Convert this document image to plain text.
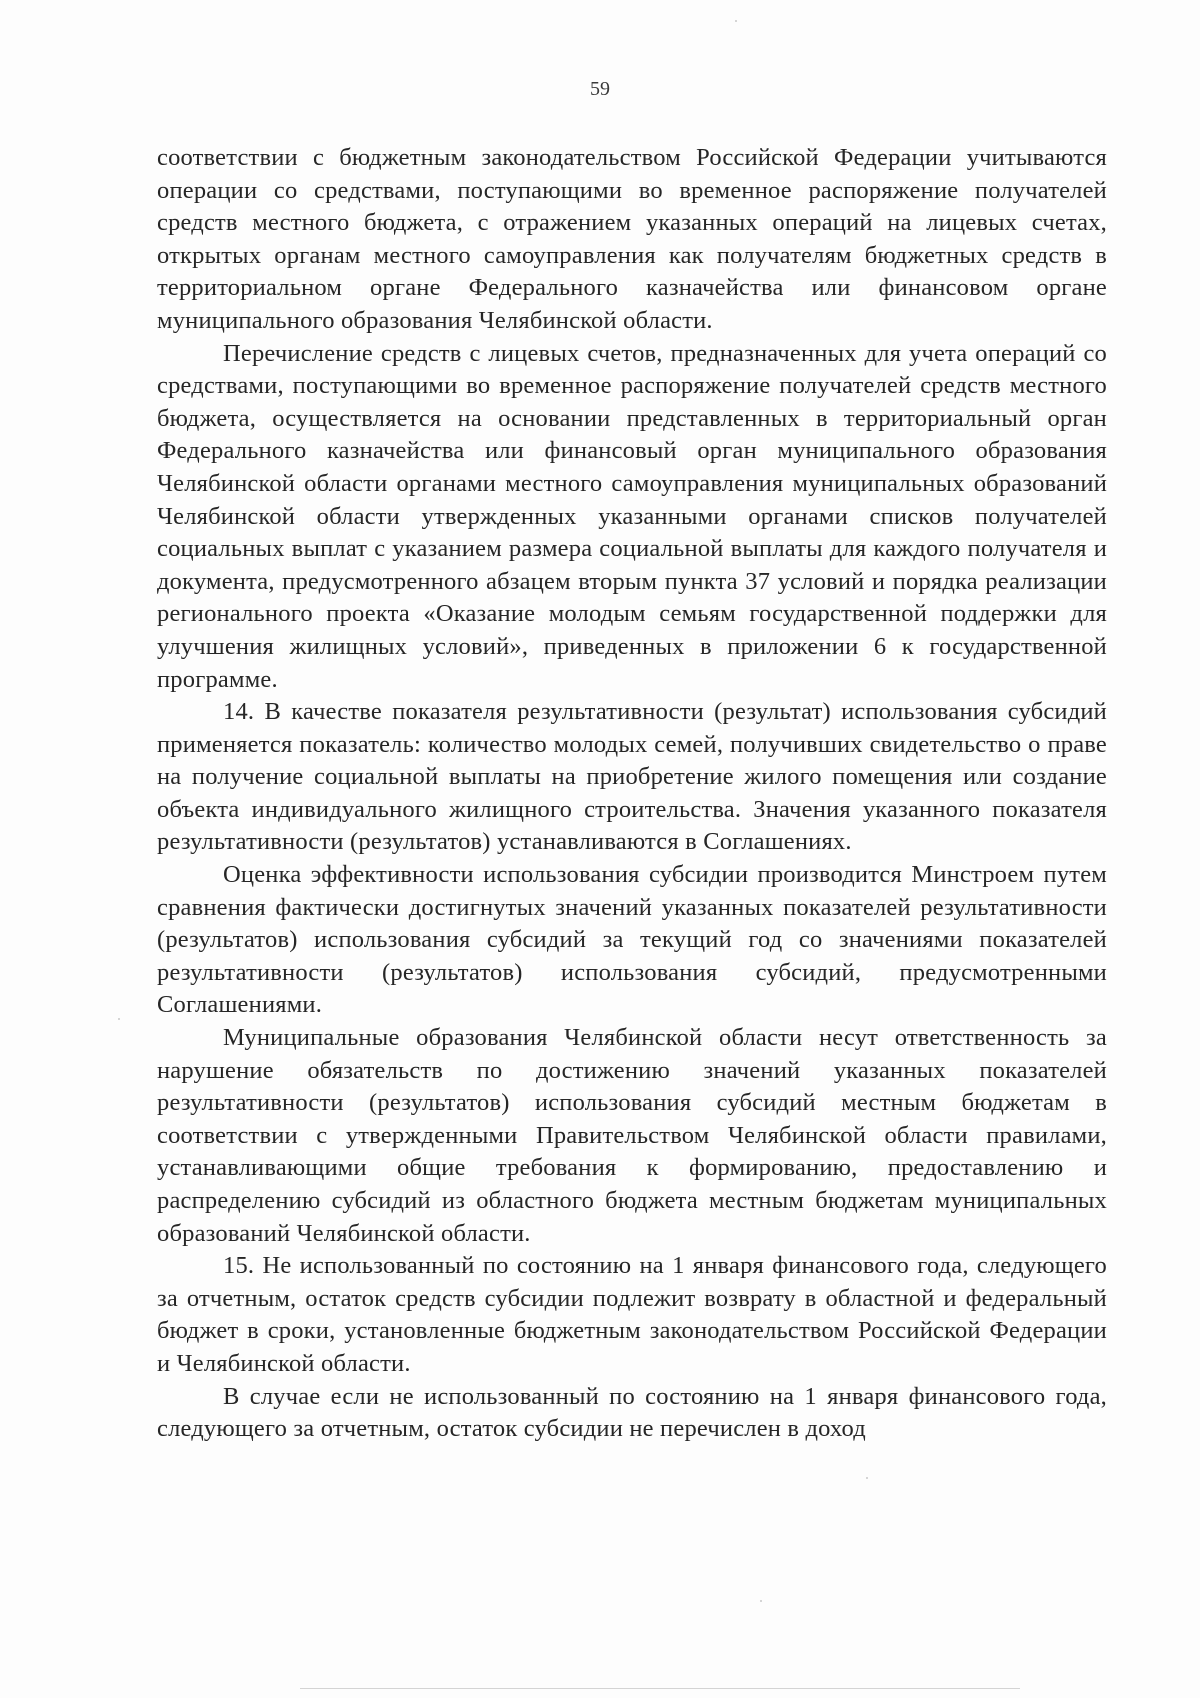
59

соответствии с бюджетным законодательством Российской Федерации учитываются операции со средствами, поступающими во временное распоряжение получателей средств местного бюджета, с отражением указанных операций на лицевых счетах, открытых органам местного самоуправления как получателям бюджетных средств в территориальном органе Федерального казначейства или финансовом органе муниципального образования Челябинской области.

Перечисление средств с лицевых счетов, предназначенных для учета операций со средствами, поступающими во временное распоряжение получателей средств местного бюджета, осуществляется на основании представленных в территориальный орган Федерального казначейства или финансовый орган муниципального образования Челябинской области органами местного самоуправления муниципальных образований Челябинской области утвержденных указанными органами списков получателей социальных выплат с указанием размера социальной выплаты для каждого получателя и документа, предусмотренного абзацем вторым пункта 37 условий и порядка реализации регионального проекта «Оказание молодым семьям государственной поддержки для улучшения жилищных условий», приведенных в приложении 6 к государственной программе.

14. В качестве показателя результативности (результат) использования субсидий применяется показатель: количество молодых семей, получивших свидетельство о праве на получение социальной выплаты на приобретение жилого помещения или создание объекта индивидуального жилищного строительства. Значения указанного показателя результативности (результатов) устанавливаются в Соглашениях.

Оценка эффективности использования субсидии производится Минстроем путем сравнения фактически достигнутых значений указанных показателей результативности (результатов) использования субсидий за текущий год со значениями показателей результативности (результатов) использования субсидий, предусмотренными Соглашениями.

Муниципальные образования Челябинской области несут ответственность за нарушение обязательств по достижению значений указанных показателей результативности (результатов) использования субсидий местным бюджетам в соответствии с утвержденными Правительством Челябинской области правилами, устанавливающими общие требования к формированию, предоставлению и распределению субсидий из областного бюджета местным бюджетам муниципальных образований Челябинской области.

15. Не использованный по состоянию на 1 января финансового года, следующего за отчетным, остаток средств субсидии подлежит возврату в областной и федеральный бюджет в сроки, установленные бюджетным законодательством Российской Федерации и Челябинской области.

В случае если не использованный по состоянию на 1 января финансового года, следующего за отчетным, остаток субсидии не перечислен в доход
